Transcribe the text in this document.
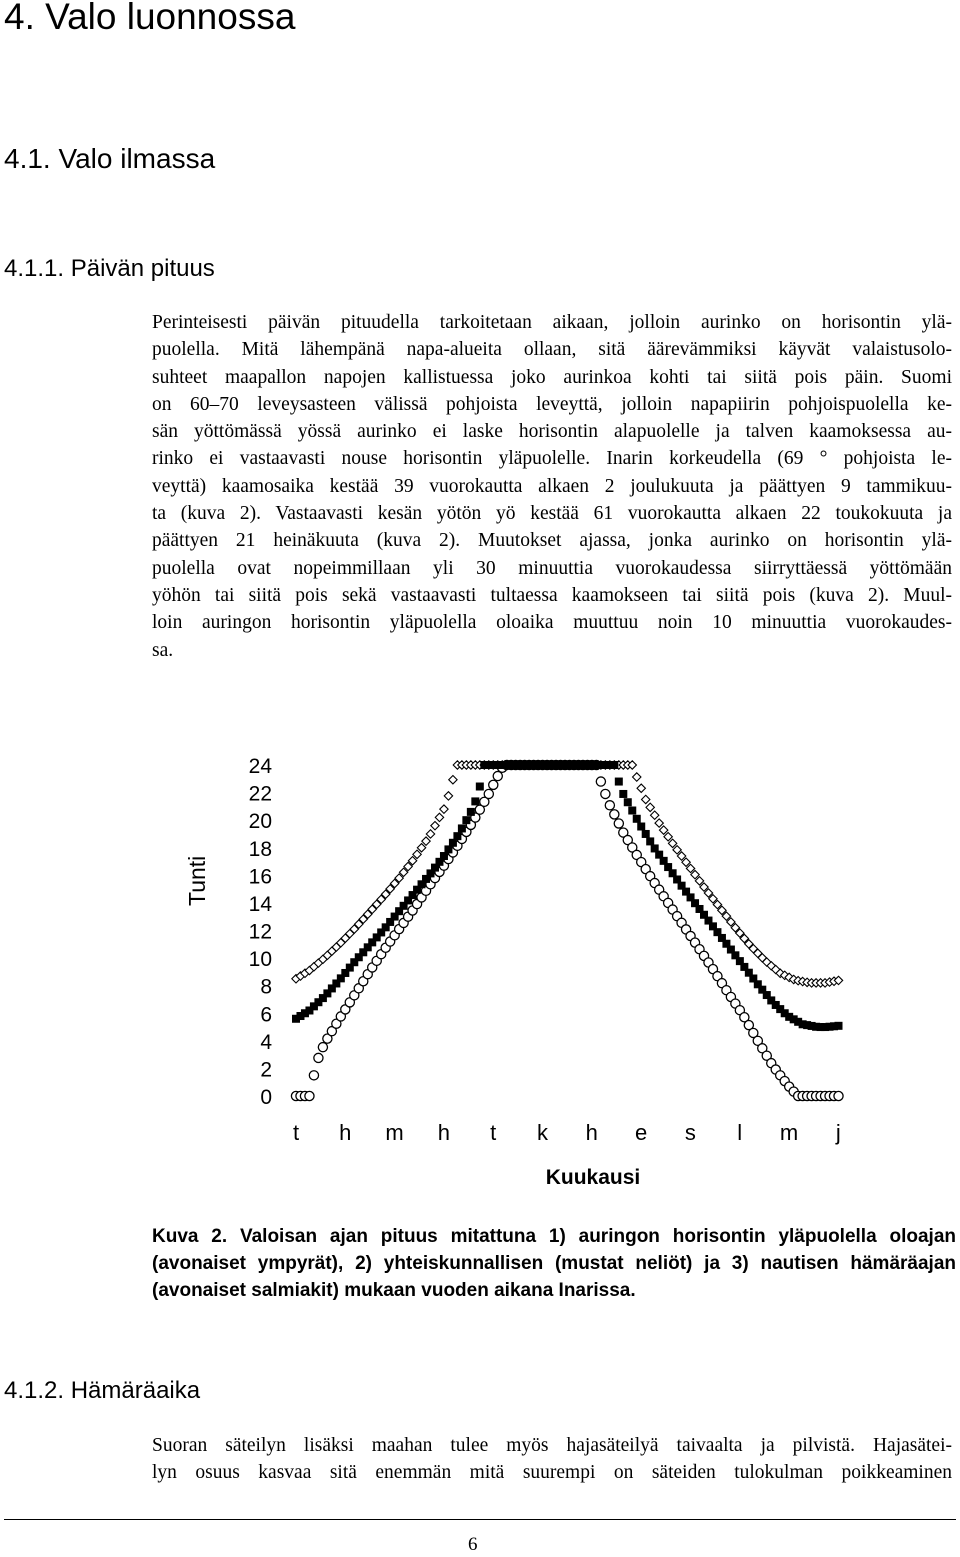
4. Valo luonnossa
4.1. Valo ilmassa
4.1.1. Päivän pituus

Perinteisesti päivän pituudella tarkoitetaan aikaan, jolloin aurinko on horisontin ylä-
puolella. Mitä lähempänä napa-alueita ollaan, sitä äärevämmiksi käyvät valaistusolo-
suhteet maapallon napojen kallistuessa joko aurinkoa kohti tai siitä pois päin. Suomi
on 60–70 leveysasteen välissä pohjoista leveyttä, jolloin napapiirin pohjoispuolella ke-
sän yöttömässä yössä aurinko ei laske horisontin alapuolelle ja talven kaamoksessa au-
rinko ei vastaavasti nouse horisontin yläpuolelle. Inarin korkeudella (69 ° pohjoista le-
veyttä) kaamosaika kestää 39 vuorokautta alkaen 2 joulukuuta ja päättyen 9 tammikuu-
ta (kuva 2). Vastaavasti kesän yötön yö kestää 61 vuorokautta alkaen 22 toukokuuta ja
päättyen 21 heinäkuuta (kuva 2). Muutokset ajassa, jonka aurinko on horisontin ylä-
puolella ovat nopeimmillaan yli 30 minuuttia vuorokaudessa siirryttäessä yöttömään
yöhön tai siitä pois sekä vastaavasti tultaessa kaamokseen tai siitä pois (kuva 2). Muul-
loin auringon horisontin yläpuolella oloaika muuttuu noin 10 minuuttia vuorokaudes-
sa.

Tunti
0
2
4
6
8
10
12
14
16
18
20
22
24
t h m h t k h e s l m j
Kuukausi

Kuva 2. Valoisan ajan pituus mitattuna 1) auringon horisontin yläpuolella oloajan (avonaiset ympyrät), 2) yhteiskunnallisen (mustat neliöt) ja 3) nautisen hämäräajan (avonaiset salmiakit) mukaan vuoden aikana Inarissa.

4.1.2. Hämäräaika

Suoran säteilyn lisäksi maahan tulee myös hajasäteilyä taivaalta ja pilvistä. Hajasätei-
lyn osuus kasvaa sitä enemmän mitä suurempi on säteiden tulokulman poikkeaminen

6
